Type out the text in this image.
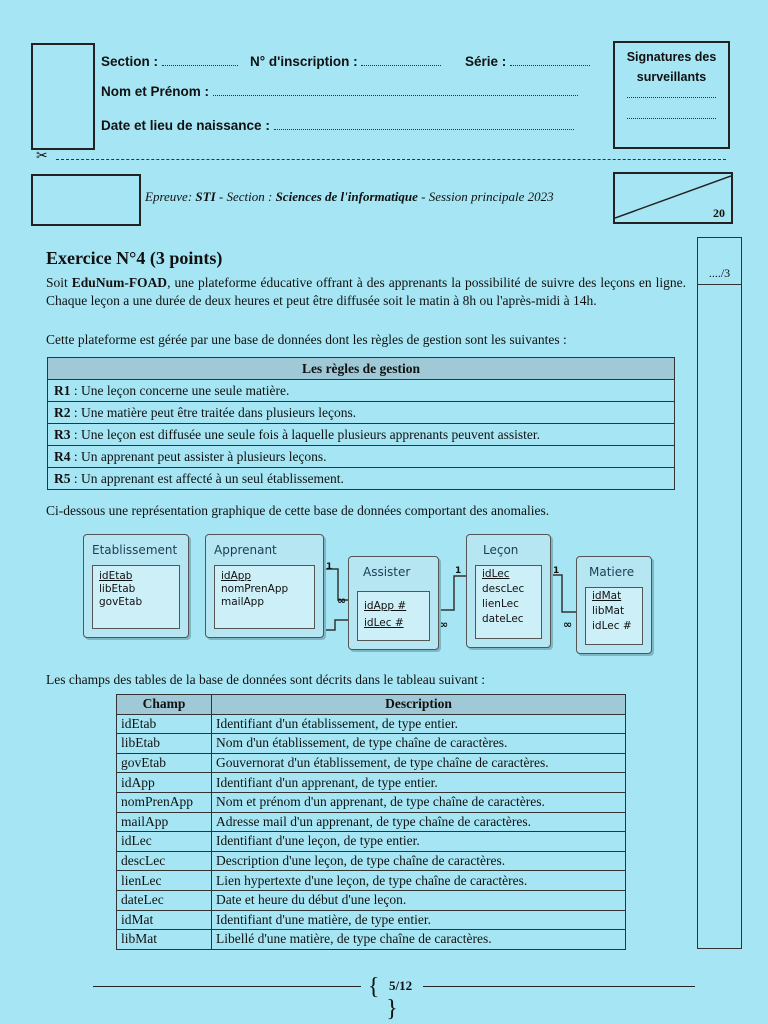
Section :	N° d'inscription :	Série :
Nom et Prénom :
Date et lieu de naissance :
Signatures des surveillants
✂
Epreuve: STI - Section : Sciences de l'informatique - Session principale 2023
20
Exercice N°4 (3 points)
..../3
Soit EduNum-FOAD, une plateforme éducative offrant à des apprenants la possibilité de suivre des leçons en ligne. Chaque leçon a une durée de deux heures et peut être diffusée soit le matin à 8h ou l'après-midi à 14h.
Cette plateforme est gérée par une base de données dont les règles de gestion sont les suivantes :
Les règles de gestion
R1 : Une leçon concerne une seule matière.
R2 : Une matière peut être traitée dans plusieurs leçons.
R3 : Une leçon est diffusée une seule fois à laquelle plusieurs apprenants peuvent assister.
R4 : Un apprenant peut assister à plusieurs leçons.
R5 : Un apprenant est affecté à un seul établissement.
Ci-dessous une représentation graphique de cette base de données comportant des anomalies.
1
∞
∞
1	1
∞
Etablissement
idEtab
libEtab
govEtab
Apprenant
idApp
nomPrenApp
mailApp
Assister
idApp #
idLec #
Leçon
idLec
descLec
lienLec
dateLec
Matiere
idMat
libMat
idLec #
Les champs des tables de la base de données sont décrits dans le tableau suivant :
Champ	Description
idEtab	Identifiant d'un établissement, de type entier.
libEtab	Nom d'un établissement, de type chaîne de caractères.
govEtab	Gouvernorat d'un établissement, de type chaîne de caractères.
idApp	Identifiant d'un apprenant, de type entier.
nomPrenApp	Nom et prénom d'un apprenant, de type chaîne de caractères.
mailApp	Adresse mail d'un apprenant, de type chaîne de caractères.
idLec	Identifiant d'une leçon, de type entier.
descLec	Description d'une leçon, de type chaîne de caractères.
lienLec	Lien hypertexte d'une leçon, de type chaîne de caractères.
dateLec	Date et heure du début d'une leçon.
idMat	Identifiant d'une matière, de type entier.
libMat	Libellé d'une matière, de type chaîne de caractères.
{ 5/12 }
